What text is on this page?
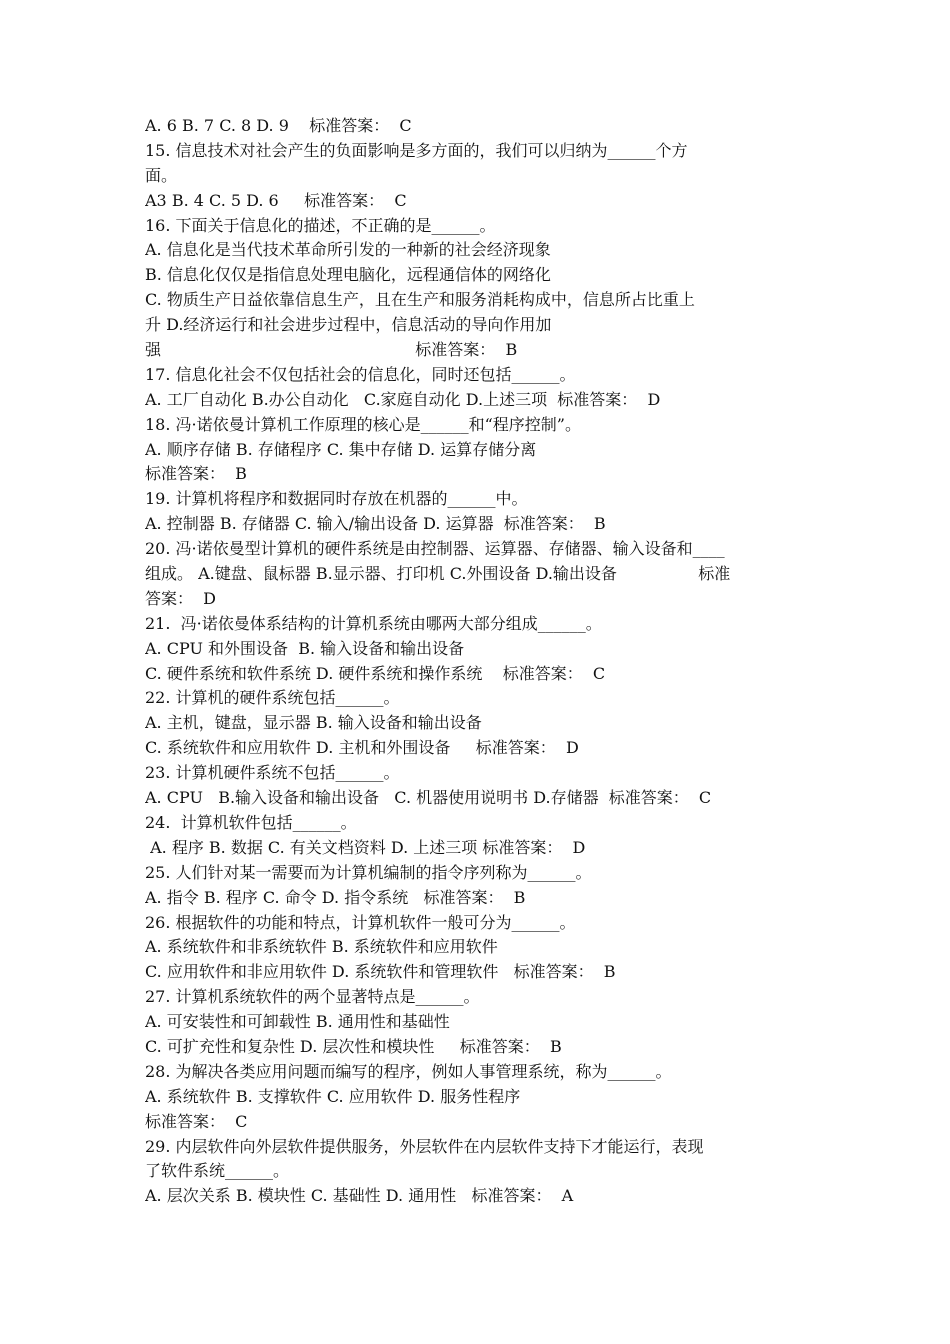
A. 6 B. 7 C. 8 D. 9    标准答案：  C
15. 信息技术对社会产生的负面影响是多方面的，我们可以归纳为______个方
面。
A3 B. 4 C. 5 D. 6     标准答案：  C
16. 下面关于信息化的描述，不正确的是______。
A. 信息化是当代技术革命所引发的一种新的社会经济现象
B. 信息化仅仅是指信息处理电脑化，远程通信体的网络化
C. 物质生产日益依靠信息生产，且在生产和服务消耗构成中，信息所占比重上
升 D.经济运行和社会进步过程中，信息活动的导向作用加
强                                                  标准答案：  B
17. 信息化社会不仅包括社会的信息化，同时还包括______。
A. 工厂自动化 B.办公自动化   C.家庭自动化 D.上述三项  标准答案：  D
18. 冯·诺依曼计算机工作原理的核心是______和“程序控制”。
A. 顺序存储 B. 存储程序 C. 集中存储 D. 运算存储分离
标准答案：  B
19. 计算机将程序和数据同时存放在机器的______中。
A. 控制器 B. 存储器 C. 输入/输出设备 D. 运算器  标准答案：  B
20. 冯·诺依曼型计算机的硬件系统是由控制器、运算器、存储器、输入设备和____
组成。 A.键盘、鼠标器 B.显示器、打印机 C.外围设备 D.输出设备                标准
答案：  D
21.  冯·诺依曼体系结构的计算机系统由哪两大部分组成______。
A. CPU 和外围设备  B. 输入设备和输出设备
C. 硬件系统和软件系统 D. 硬件系统和操作系统    标准答案：  C
22. 计算机的硬件系统包括______。
A. 主机，键盘，显示器 B. 输入设备和输出设备
C. 系统软件和应用软件 D. 主机和外围设备     标准答案：  D
23. 计算机硬件系统不包括______。
A. CPU   B.输入设备和输出设备   C. 机器使用说明书 D.存储器  标准答案：  C
24.  计算机软件包括______。
A. 程序 B. 数据 C. 有关文档资料 D. 上述三项 标准答案：  D
25. 人们针对某一需要而为计算机编制的指令序列称为______。
A. 指令 B. 程序 C. 命令 D. 指令系统   标准答案：  B
26. 根据软件的功能和特点，计算机软件一般可分为______。
A. 系统软件和非系统软件 B. 系统软件和应用软件
C. 应用软件和非应用软件 D. 系统软件和管理软件   标准答案：  B
27. 计算机系统软件的两个显著特点是______。
A. 可安装性和可卸载性 B. 通用性和基础性
C. 可扩充性和复杂性 D. 层次性和模块性     标准答案：  B
28. 为解决各类应用问题而编写的程序，例如人事管理系统，称为______。
A. 系统软件 B. 支撑软件 C. 应用软件 D. 服务性程序
标准答案：  C
29. 内层软件向外层软件提供服务，外层软件在内层软件支持下才能运行，表现
了软件系统______。
A. 层次关系 B. 模块性 C. 基础性 D. 通用性   标准答案：  A
